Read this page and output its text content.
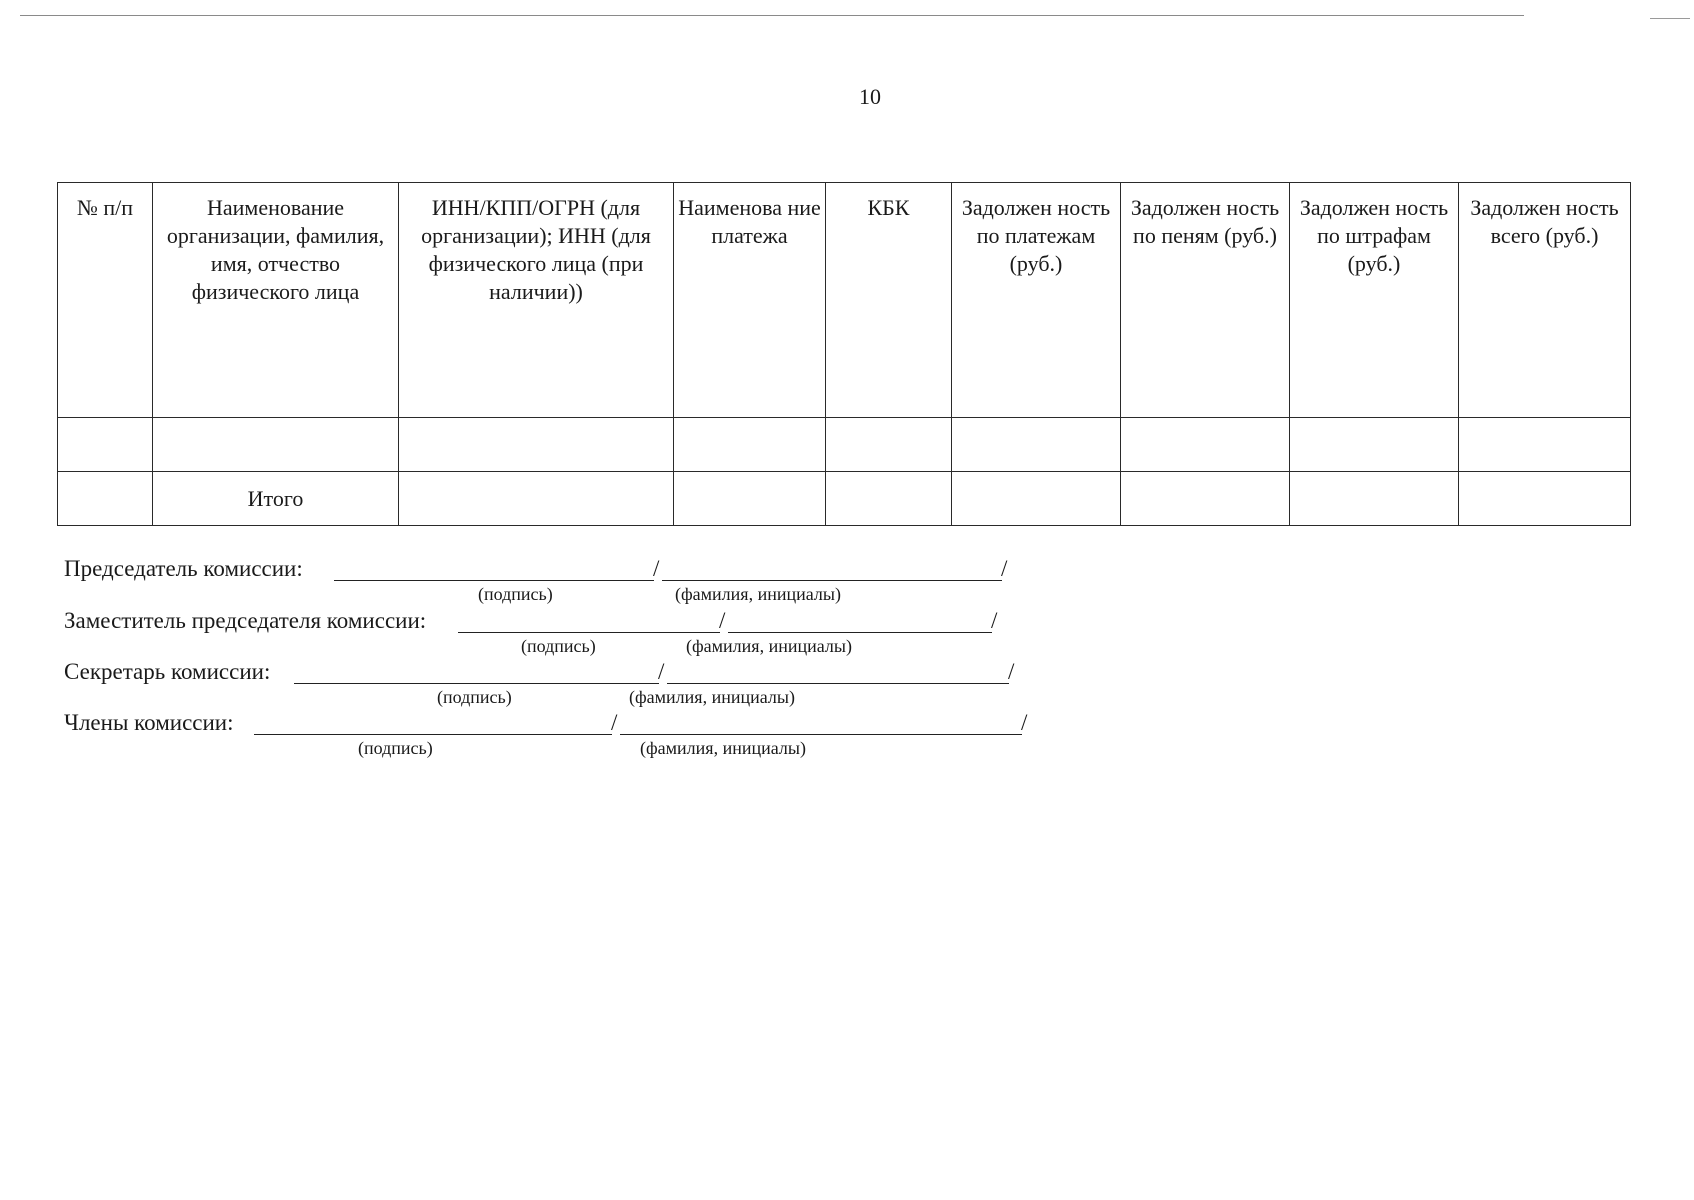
10
№ п/п	Наименование организации, фамилия, имя, отчество физического лица	ИНН/КПП/ОГРН (для организации); ИНН (для физического лица (при наличии))	Наименова ние платежа	КБК	Задолжен ность по платежам (руб.)	Задолжен ность по пеням (руб.)	Задолжен ность по штрафам (руб.)	Задолжен ность всего (руб.)

	Итого							
Председатель комиссии:	/	/
(подпись)	(фамилия, инициалы)
Заместитель председателя комиссии:	/	/
(подпись)	(фамилия, инициалы)
Секретарь комиссии:	/	/
(подпись)	(фамилия, инициалы)
Члены комиссии:	/	/
(подпись)	(фамилия, инициалы)
